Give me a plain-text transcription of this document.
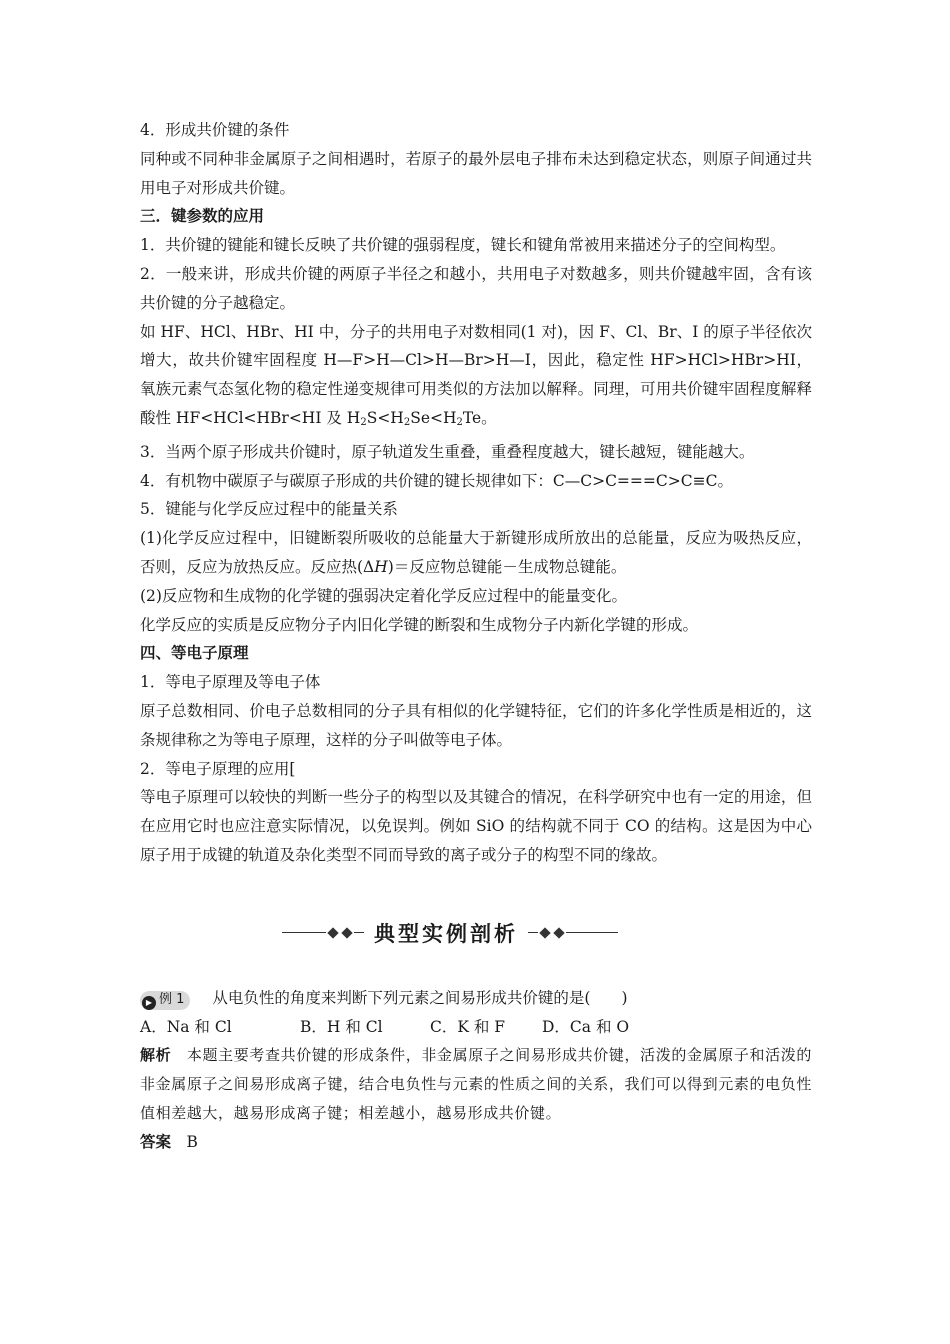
4．形成共价键的条件

同种或不同种非金属原子之间相遇时，若原子的最外层电子排布未达到稳定状态，则原子间通过共用电子对形成共价键。

三．键参数的应用

1．共价键的键能和键长反映了共价键的强弱程度，键长和键角常被用来描述分子的空间构型。

2．一般来讲，形成共价键的两原子半径之和越小，共用电子对数越多，则共价键越牢固，含有该共价键的分子越稳定。

如 HF、HCl、HBr、HI 中，分子的共用电子对数相同(1 对)，因 F、Cl、Br、I 的原子半径依次增大，故共价键牢固程度 H—F>H—Cl>H—Br>H—I，因此，稳定性 HF>HCl>HBr>HI，氧族元素气态氢化物的稳定性递变规律可用类似的方法加以解释。同理，可用共价键牢固程度解释酸性 HF<HCl<HBr<HI 及 $H_2S<H_2Se<H_2Te$。

3．当两个原子形成共价键时，原子轨道发生重叠，重叠程度越大，键长越短，键能越大。

4．有机物中碳原子与碳原子形成的共价键的键长规律如下：C—C>C===C>C≡C。

5．键能与化学反应过程中的能量关系

(1)化学反应过程中，旧键断裂所吸收的总能量大于新键形成所放出的总能量，反应为吸热反应，否则，反应为放热反应。反应热(ΔH)＝反应物总键能－生成物总键能。

(2)反应物和生成物的化学键的强弱决定着化学反应过程中的能量变化。

化学反应的实质是反应物分子内旧化学键的断裂和生成物分子内新化学键的形成。

四、等电子原理

1．等电子原理及等电子体

原子总数相同、价电子总数相同的分子具有相似的化学键特征，它们的许多化学性质是相近的，这条规律称之为等电子原理，这样的分子叫做等电子体。

2．等电子原理的应用[

等电子原理可以较快的判断一些分子的构型以及其键合的情况，在科学研究中也有一定的用途，但在应用它时也应注意实际情况，以免误判。例如 SiO 的结构就不同于 CO 的结构。这是因为中心原子用于成键的轨道及杂化类型不同而导致的离子或分子的构型不同的缘故。

典型实例剖析

▶ 例 1 从电负性的角度来判断下列元素之间易形成共价键的是(　　)

A．Na 和 Cl	B．H 和 Cl	C．K 和 F D．Ca 和 O

解析　 本题主要考查共价键的形成条件，非金属原子之间易形成共价键，活泼的金属原子和活泼的非金属原子之间易形成离子键，结合电负性与元素的性质之间的关系，我们可以得到元素的电负性值相差越大，越易形成离子键；相差越小，越易形成共价键。

答案　 B
